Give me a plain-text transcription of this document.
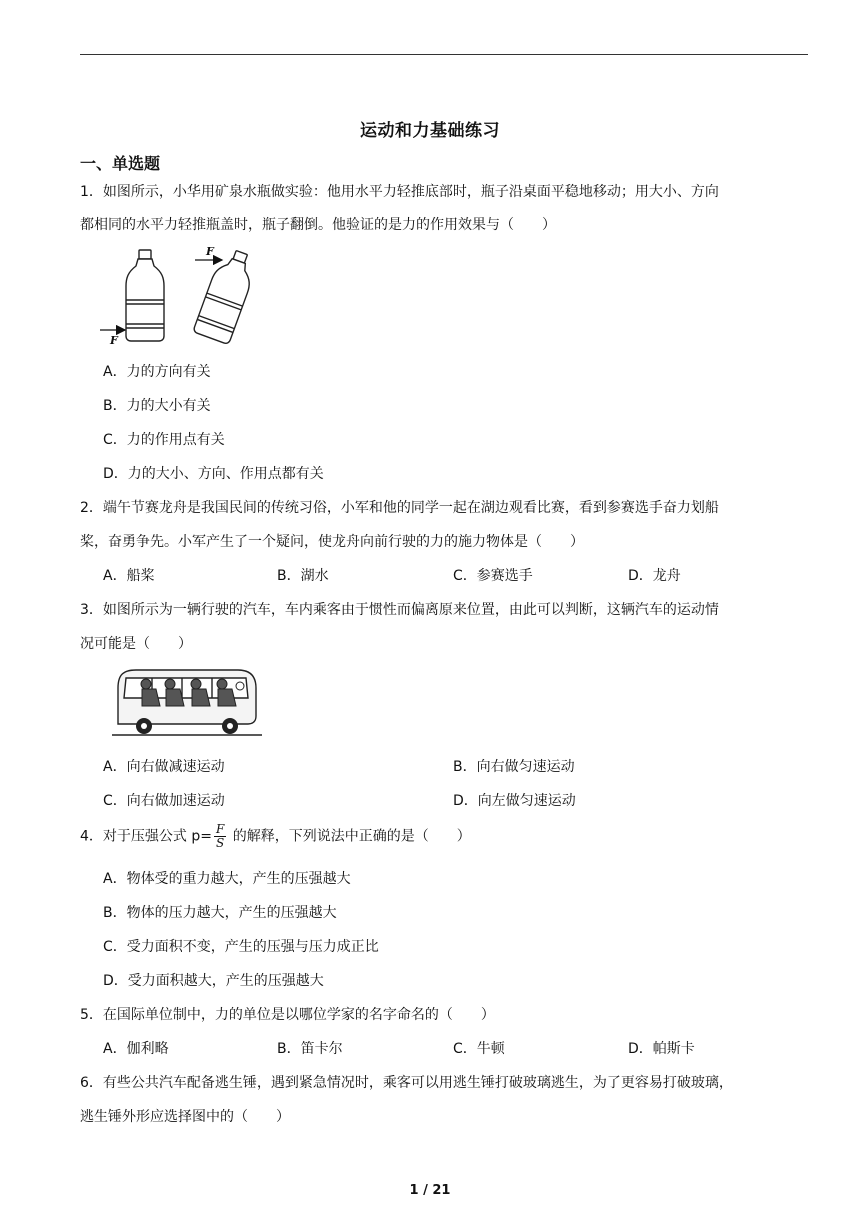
运动和力基础练习
一、单选题
1．如图所示，小华用矿泉水瓶做实验：他用水平力轻推底部时，瓶子沿桌面平稳地移动；用大小、方向
都相同的水平力轻推瓶盖时，瓶子翻倒。他验证的是力的作用效果与（　　）
F
F
A．力的方向有关
B．力的大小有关
C．力的作用点有关
D．力的大小、方向、作用点都有关
2．端午节赛龙舟是我国民间的传统习俗，小军和他的同学一起在湖边观看比赛，看到参赛选手奋力划船
桨，奋勇争先。小军产生了一个疑问，使龙舟向前行驶的力的施力物体是（　　）
A．船桨	B．湖水	C．参赛选手	D．龙舟
3．如图所示为一辆行驶的汽车，车内乘客由于惯性而偏离原来位置，由此可以判断，这辆汽车的运动情
况可能是（　　）
A．向右做减速运动	B．向右做匀速运动
C．向右做加速运动	D．向左做匀速运动
4．对于压强公式 $p= \frac{F}{S}$ 的解释，下列说法中正确的是（　　）
A．物体受的重力越大，产生的压强越大
B．物体的压力越大，产生的压强越大
C．受力面积不变，产生的压强与压力成正比
D．受力面积越大，产生的压强越大
5．在国际单位制中，力的单位是以哪位学家的名字命名的（　　）
A．伽利略	B．笛卡尔	C．牛顿	D．帕斯卡
6．有些公共汽车配备逃生锤，遇到紧急情况时，乘客可以用逃生锤打破玻璃逃生，为了更容易打破玻璃，
逃生锤外形应选择图中的（　　）
1 / 21
